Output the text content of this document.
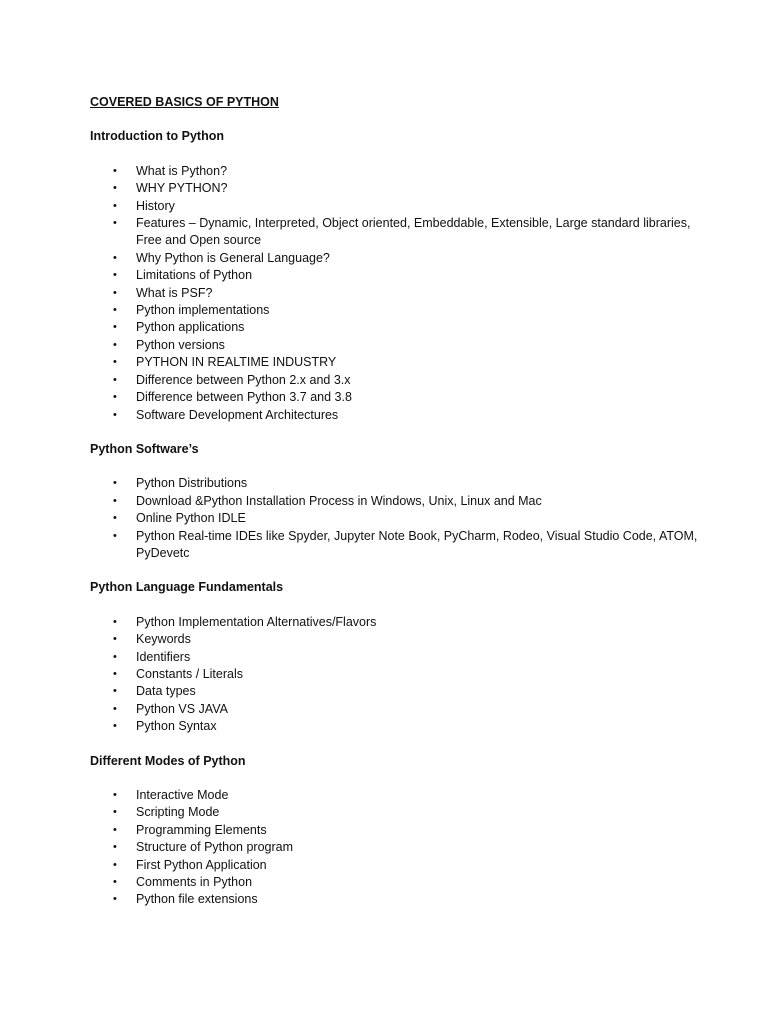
COVERED BASICS OF PYTHON
Introduction to Python
• What is Python?
• WHY PYTHON?
• History
• Features – Dynamic, Interpreted, Object oriented, Embeddable, Extensible, Large standard libraries, Free and Open source
• Why Python is General Language?
• Limitations of Python
• What is PSF?
• Python implementations
• Python applications
• Python versions
• PYTHON IN REALTIME INDUSTRY
• Difference between Python 2.x and 3.x
• Difference between Python 3.7 and 3.8
• Software Development Architectures
Python Software’s
• Python Distributions
• Download &Python Installation Process in Windows, Unix, Linux and Mac
• Online Python IDLE
• Python Real-time IDEs like Spyder, Jupyter Note Book, PyCharm, Rodeo, Visual Studio Code, ATOM, PyDevetc
Python Language Fundamentals
• Python Implementation Alternatives/Flavors
• Keywords
• Identifiers
• Constants / Literals
• Data types
• Python VS JAVA
• Python Syntax
Different Modes of Python
• Interactive Mode
• Scripting Mode
• Programming Elements
• Structure of Python program
• First Python Application
• Comments in Python
• Python file extensions
